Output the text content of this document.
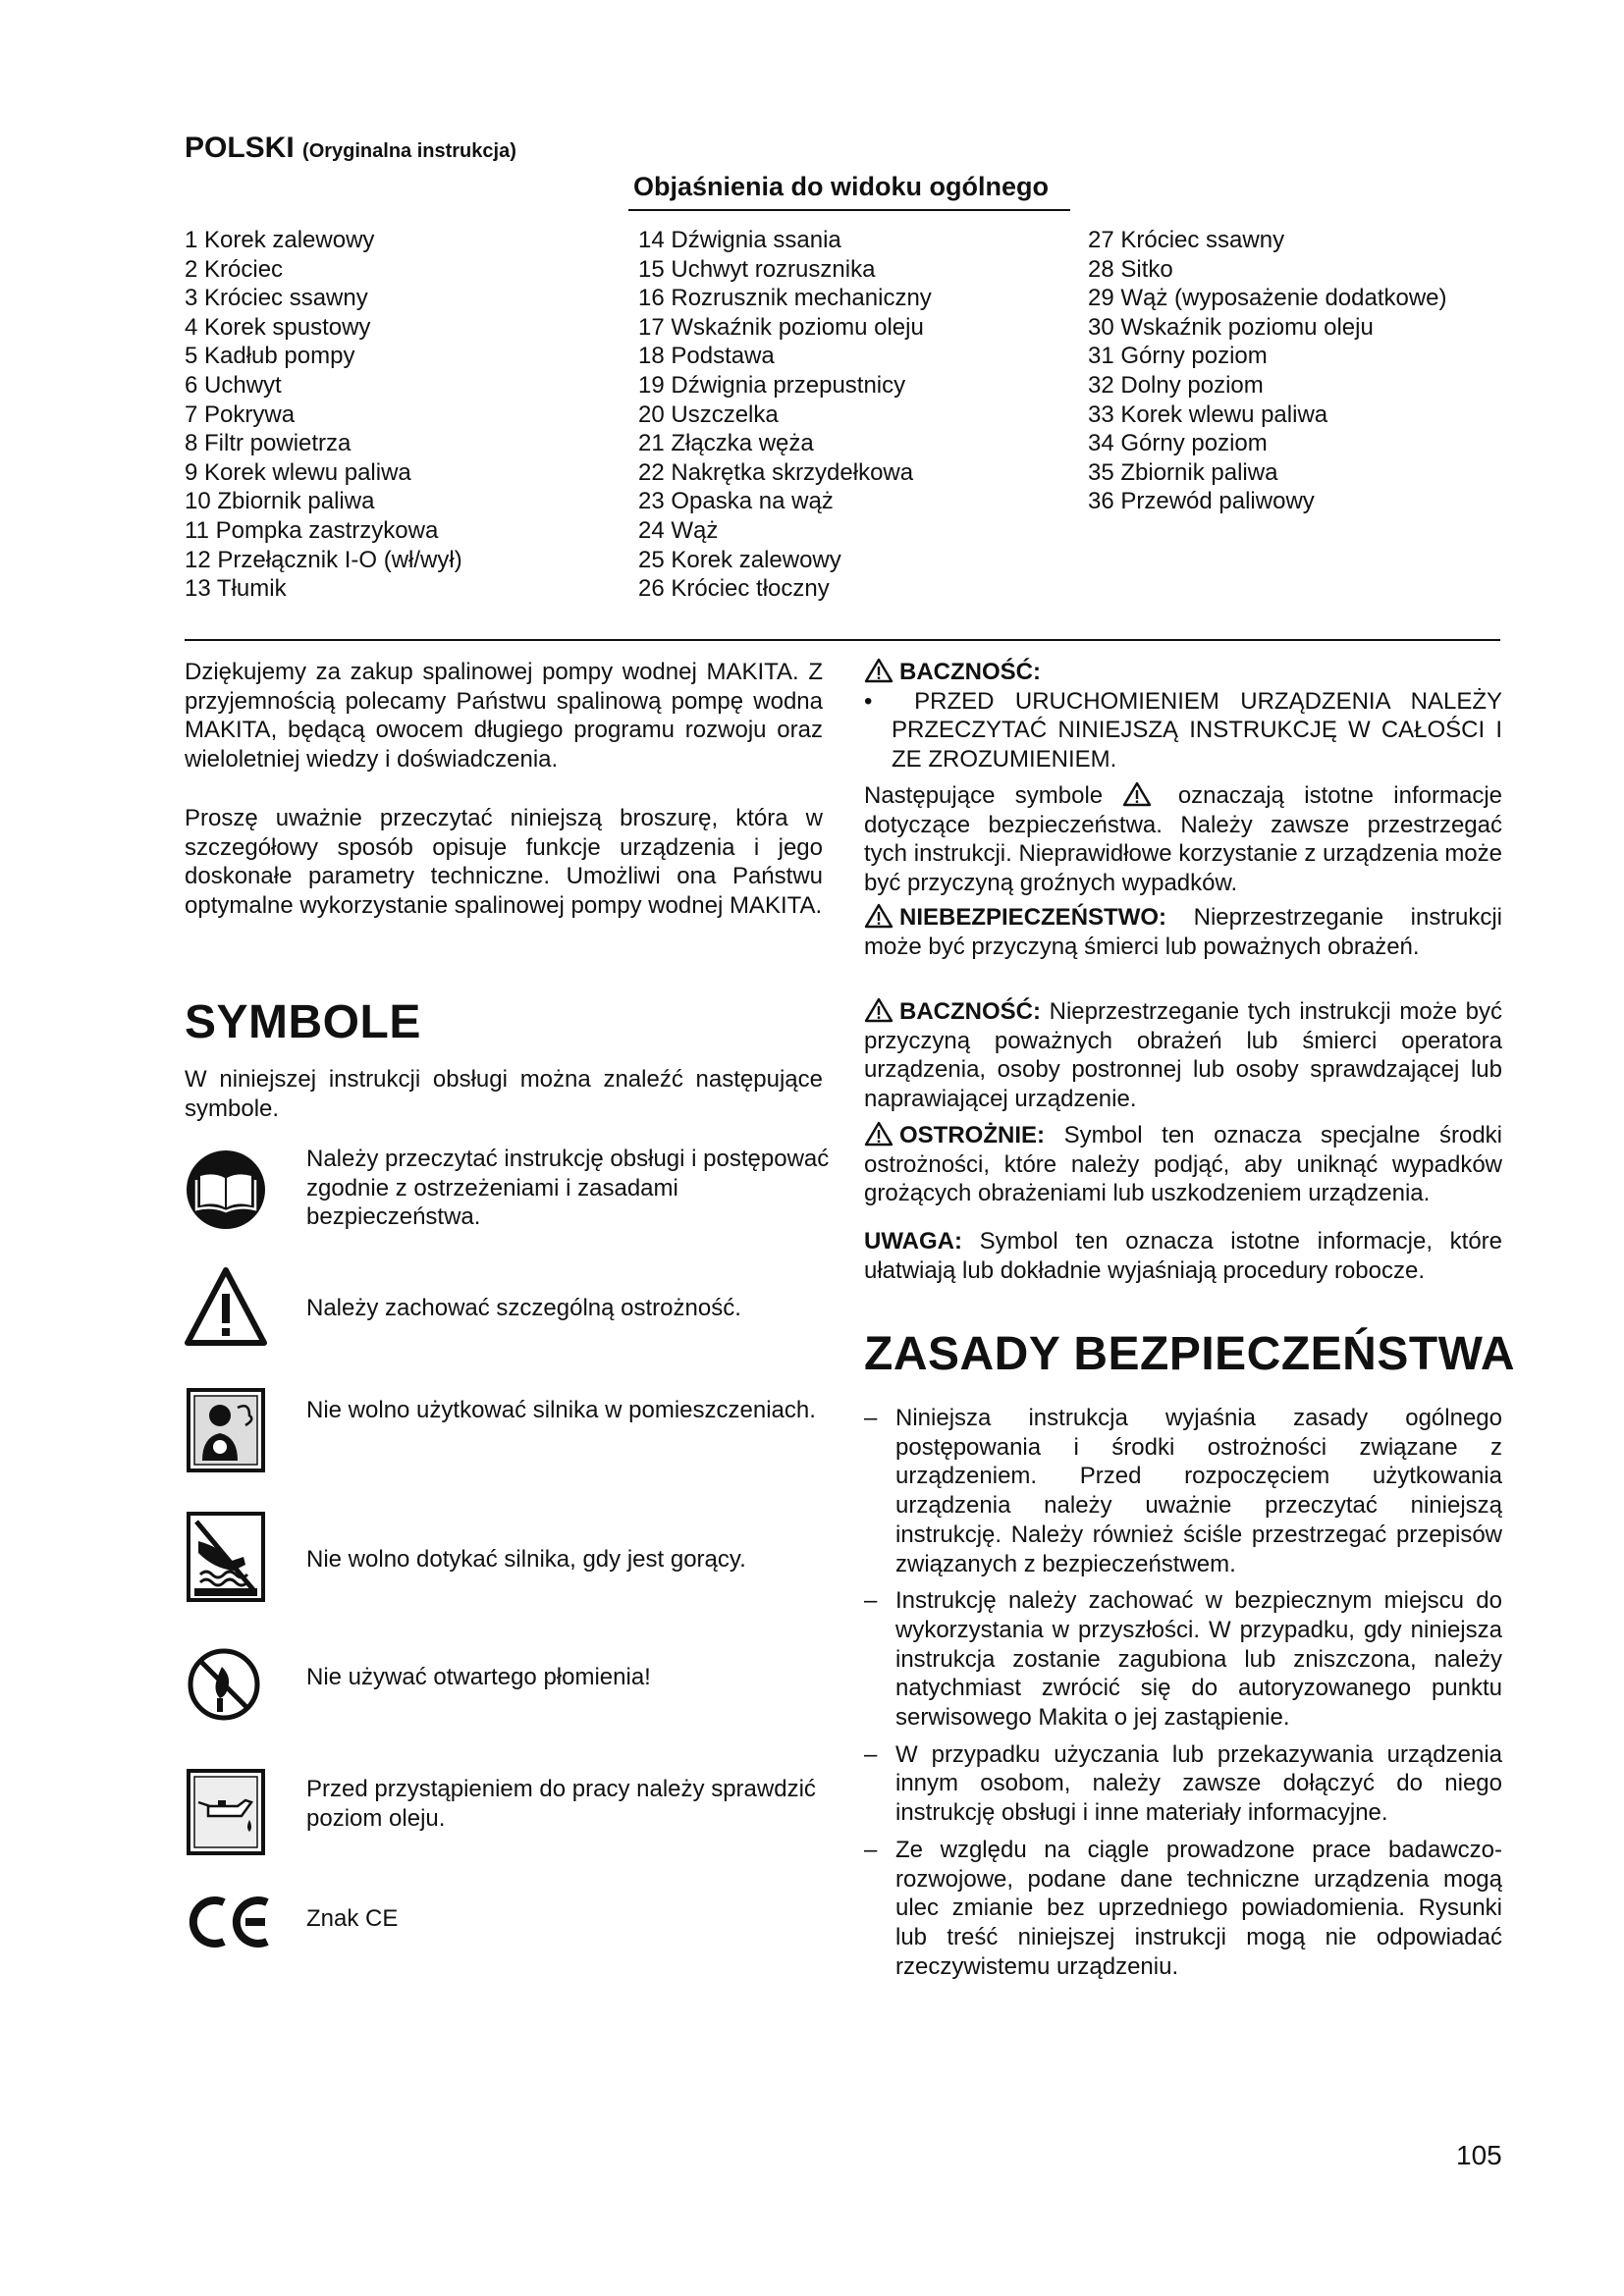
POLSKI (Oryginalna instrukcja)
Objaśnienia do widoku ogólnego
1 Korek zalewowy
2 Króciec
3 Króciec ssawny
4 Korek spustowy
5 Kadłub pompy
6 Uchwyt
7 Pokrywa
8 Filtr powietrza
9 Korek wlewu paliwa
10 Zbiornik paliwa
11 Pompka zastrzykowa
12 Przełącznik I-O (wł/wył)
13 Tłumik
14 Dźwignia ssania
15 Uchwyt rozrusznika
16 Rozrusznik mechaniczny
17 Wskaźnik poziomu oleju
18 Podstawa
19 Dźwignia przepustnicy
20 Uszczelka
21 Złączka węża
22 Nakrętka skrzydełkowa
23 Opaska na wąż
24 Wąż
25 Korek zalewowy
26 Króciec tłoczny
27 Króciec ssawny
28 Sitko
29 Wąż (wyposażenie dodatkowe)
30 Wskaźnik poziomu oleju
31 Górny poziom
32 Dolny poziom
33 Korek wlewu paliwa
34 Górny poziom
35 Zbiornik paliwa
36 Przewód paliwowy
Dziękujemy za zakup spalinowej pompy wodnej MAKITA. Z przyjemnością polecamy Państwu spalinową pompę wodna MAKITA, będącą owocem długiego programu rozwoju oraz wieloletniej wiedzy i doświadczenia.
Proszę uważnie przeczytać niniejszą broszurę, która w szczegółowy sposób opisuje funkcje urządzenia i jego doskonałe parametry techniczne. Umożliwi ona Państwu optymalne wykorzystanie spalinowej pompy wodnej MAKITA.
SYMBOLE
W niniejszej instrukcji obsługi można znaleźć następujące symbole.
Należy przeczytać instrukcję obsługi i postępować zgodnie z ostrzeżeniami i zasadami bezpieczeństwa.
Należy zachować szczególną ostrożność.
Nie wolno użytkować silnika w pomieszczeniach.
Nie wolno dotykać silnika, gdy jest gorący.
Nie używać otwartego płomienia!
Przed przystąpieniem do pracy należy sprawdzić poziom oleju.
Znak CE
BACZNOŚĆ:
•  PRZED URUCHOMIENIEM URZĄDZENIA NALEŻY PRZECZYTAĆ NINIEJSZĄ INSTRUKCJĘ W CAŁOŚCI I ZE ZROZUMIENIEM.
Następujące symbole	oznaczają istotne informacje dotyczące bezpieczeństwa. Należy zawsze przestrzegać tych instrukcji. Nieprawidłowe korzystanie z urządzenia może być przyczyną groźnych wypadków.
NIEBEZPIECZEŃSTWO: Nieprzestrzeganie instrukcji może być przyczyną śmierci lub poważnych obrażeń.
BACZNOŚĆ: Nieprzestrzeganie tych instrukcji może być przyczyną poważnych obrażeń lub śmierci operatora urządzenia, osoby postronnej lub osoby sprawdzającej lub naprawiającej urządzenie.
OSTROŻNIE: Symbol ten oznacza specjalne środki ostrożności, które należy podjąć, aby uniknąć wypadków grożących obrażeniami lub uszkodzeniem urządzenia.
UWAGA: Symbol ten oznacza istotne informacje, które ułatwiają lub dokładnie wyjaśniają procedury robocze.
ZASADY BEZPIECZEŃSTWA
– Niniejsza instrukcja wyjaśnia zasady ogólnego postępowania i środki ostrożności związane z urządzeniem. Przed rozpoczęciem użytkowania urządzenia należy uważnie przeczytać niniejszą instrukcję. Należy również ściśle przestrzegać przepisów związanych z bezpieczeństwem.
– Instrukcję należy zachować w bezpiecznym miejscu do wykorzystania w przyszłości. W przypadku, gdy niniejsza instrukcja zostanie zagubiona lub zniszczona, należy natychmiast zwrócić się do autoryzowanego punktu serwisowego Makita o jej zastąpienie.
– W przypadku użyczania lub przekazywania urządzenia innym osobom, należy zawsze dołączyć do niego instrukcję obsługi i inne materiały informacyjne.
– Ze względu na ciągle prowadzone prace badawczo-rozwojowe, podane dane techniczne urządzenia mogą ulec zmianie bez uprzedniego powiadomienia. Rysunki lub treść niniejszej instrukcji mogą nie odpowiadać rzeczywistemu urządzeniu.
105
